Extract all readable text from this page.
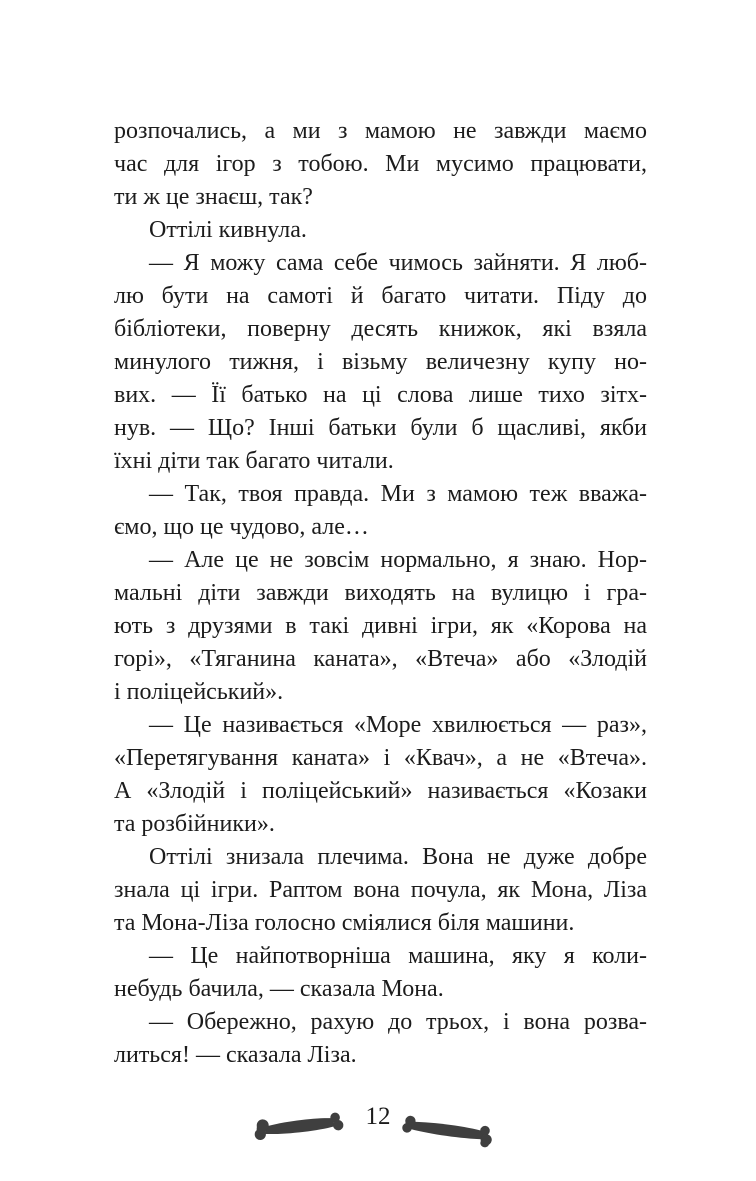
розпочались, а ми з мамою не завжди маємо
час для ігор з тобою. Ми мусимо працювати,
ти ж це знаєш, так?
Оттілі кивнула.
— Я можу сама себе чимось зайняти. Я люб-
лю бути на самоті й багато читати. Піду до
бібліотеки, поверну десять книжок, які взяла
минулого тижня, і візьму величезну купу но-
вих. — Її батько на ці слова лише тихо зітх-
нув. — Що? Інші батьки були б щасливі, якби
їхні діти так багато читали.
— Так, твоя правда. Ми з мамою теж вважа-
ємо, що це чудово, але…
— Але це не зовсім нормально, я знаю. Нор-
мальні діти завжди виходять на вулицю і гра-
ють з друзями в такі дивні ігри, як «Корова на
горі», «Тяганина каната», «Втеча» або «Злодій
і поліцейський».
— Це називається «Море хвилюється — раз»,
«Перетягування каната» і «Квач», а не «Втеча».
А «Злодій і поліцейський» називається «Козаки
та розбійники».
Оттілі знизала плечима. Вона не дуже добре
знала ці ігри. Раптом вона почула, як Мона, Ліза
та Мона-Ліза голосно сміялися біля машини.
— Це найпотворніша машина, яку я коли-
небудь бачила, — сказала Мона.
— Обережно, рахую до трьох, і вона розва-
литься! — сказала Ліза.
12
